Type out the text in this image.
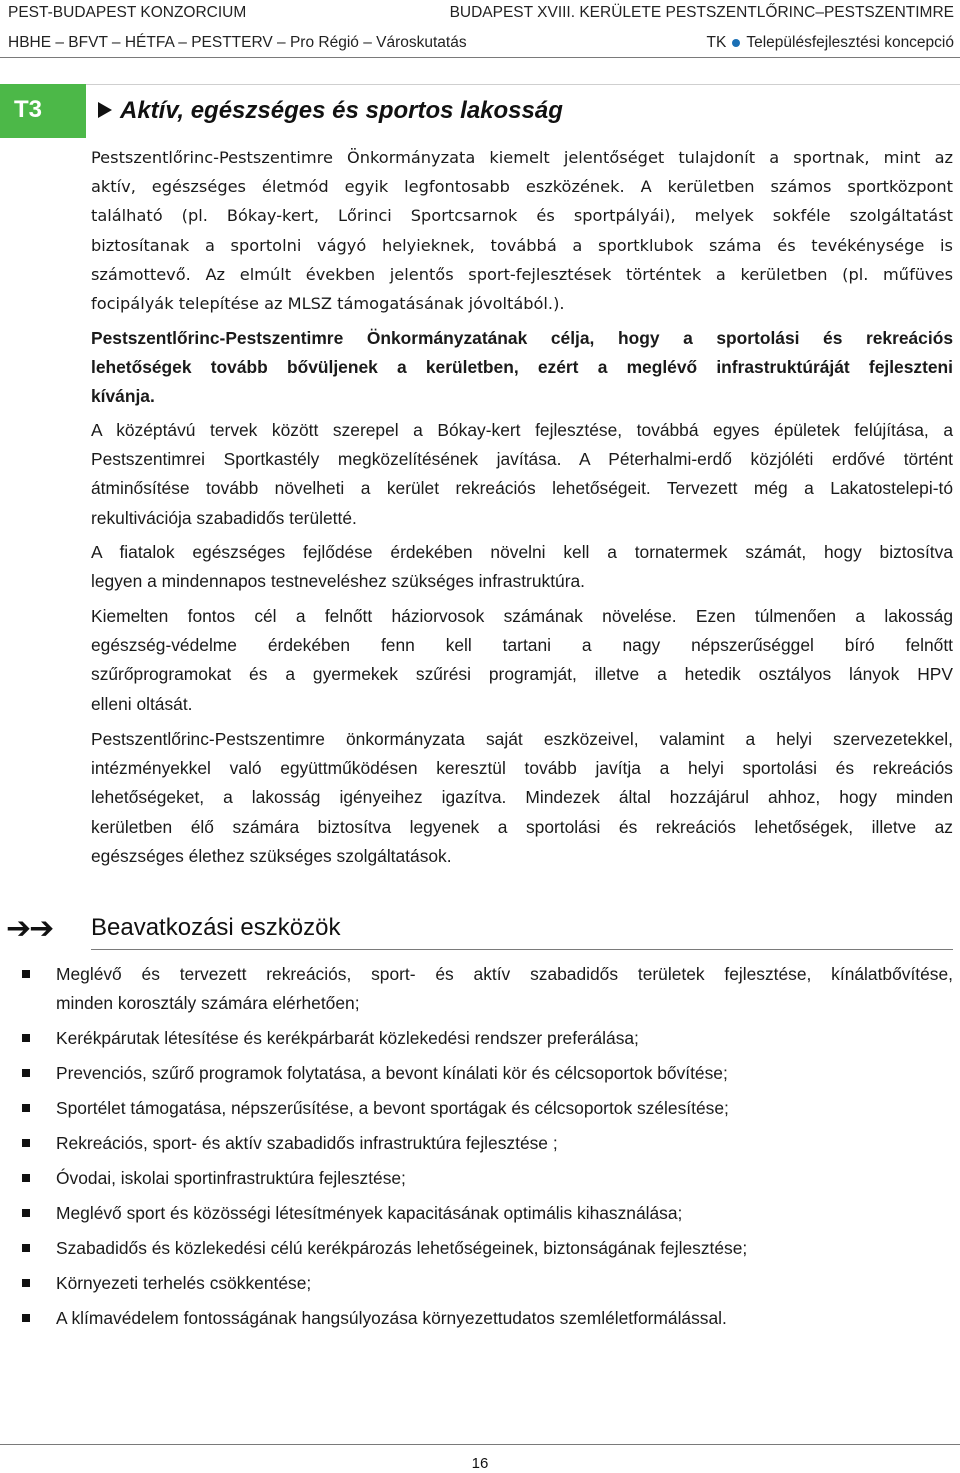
PEST-BUDAPEST KONZORCIUM	BUDAPEST XVIII. KERÜLETE PESTSZENTLŐRINC–PESTSZENTIMRE
HBHE – BFVT – HÉTFA – PESTTERV – Pro Régió – Városkutatás	TK Településfejlesztési koncepció
T3	Aktív, egészséges és sportos lakosság
Pestszentlőrinc-Pestszentimre Önkormányzata kiemelt jelentőséget tulajdonít a sportnak, mint az
aktív, egészséges életmód egyik legfontosabb eszközének. A kerületben számos sportközpont
található (pl. Bókay-kert, Lőrinci Sportcsarnok és sportpályái), melyek sokféle szolgáltatást
biztosítanak a sportolni vágyó helyieknek, továbbá a sportklubok száma és tevékénysége is
számottevő. Az elmúlt években jelentős sport-fejlesztések történtek a kerületben (pl. műfüves
focipályák telepítése az MLSZ támogatásának jóvoltából.).
Pestszentlőrinc-Pestszentimre Önkormányzatának célja, hogy a sportolási és rekreációs
lehetőségek tovább bővüljenek a kerületben, ezért a meglévő infrastruktúráját fejleszteni
kívánja.
A középtávú tervek között szerepel a Bókay-kert fejlesztése, továbbá egyes épületek felújítása, a
Pestszentimrei Sportkastély megközelítésének javítása. A Péterhalmi-erdő közjóléti erdővé történt
átminősítése tovább növelheti a kerület rekreációs lehetőségeit. Tervezett még a Lakatostelepi-tó
rekultivációja szabadidős területté.
A fiatalok egészséges fejlődése érdekében növelni kell a tornatermek számát, hogy biztosítva
legyen a mindennapos testneveléshez szükséges infrastruktúra.
Kiemelten fontos cél a felnőtt háziorvosok számának növelése. Ezen túlmenően a lakosság
egészség-védelme érdekében fenn kell tartani a nagy népszerűséggel bíró felnőtt
szűrőprogramokat és a gyermekek szűrési programját, illetve a hetedik osztályos lányok HPV
elleni oltását.
Pestszentlőrinc-Pestszentimre önkormányzata saját eszközeivel, valamint a helyi szervezetekkel,
intézményekkel való együttműködésen keresztül tovább javítja a helyi sportolási és rekreációs
lehetőségeket, a lakosság igényeihez igazítva. Mindezek által hozzájárul ahhoz, hogy minden
kerületben élő számára biztosítva legyenek a sportolási és rekreációs lehetőségek, illetve az
egészséges élethez szükséges szolgáltatások.
➔➔ Beavatkozási eszközök
Meglévő és tervezett rekreációs, sport- és aktív szabadidős területek fejlesztése, kínálatbővítése,
minden korosztály számára elérhetően;
Kerékpárutak létesítése és kerékpárbarát közlekedési rendszer preferálása;
Prevenciós, szűrő programok folytatása, a bevont kínálati kör és célcsoportok bővítése;
Sportélet támogatása, népszerűsítése, a bevont sportágak és célcsoportok szélesítése;
Rekreációs, sport- és aktív szabadidős infrastruktúra fejlesztése ;
Óvodai, iskolai sportinfrastruktúra fejlesztése;
Meglévő sport és közösségi létesítmények kapacitásának optimális kihasználása;
Szabadidős és közlekedési célú kerékpározás lehetőségeinek, biztonságának fejlesztése;
Környezeti terhelés csökkentése;
A klímavédelem fontosságának hangsúlyozása környezettudatos szemléletformálással.
16
